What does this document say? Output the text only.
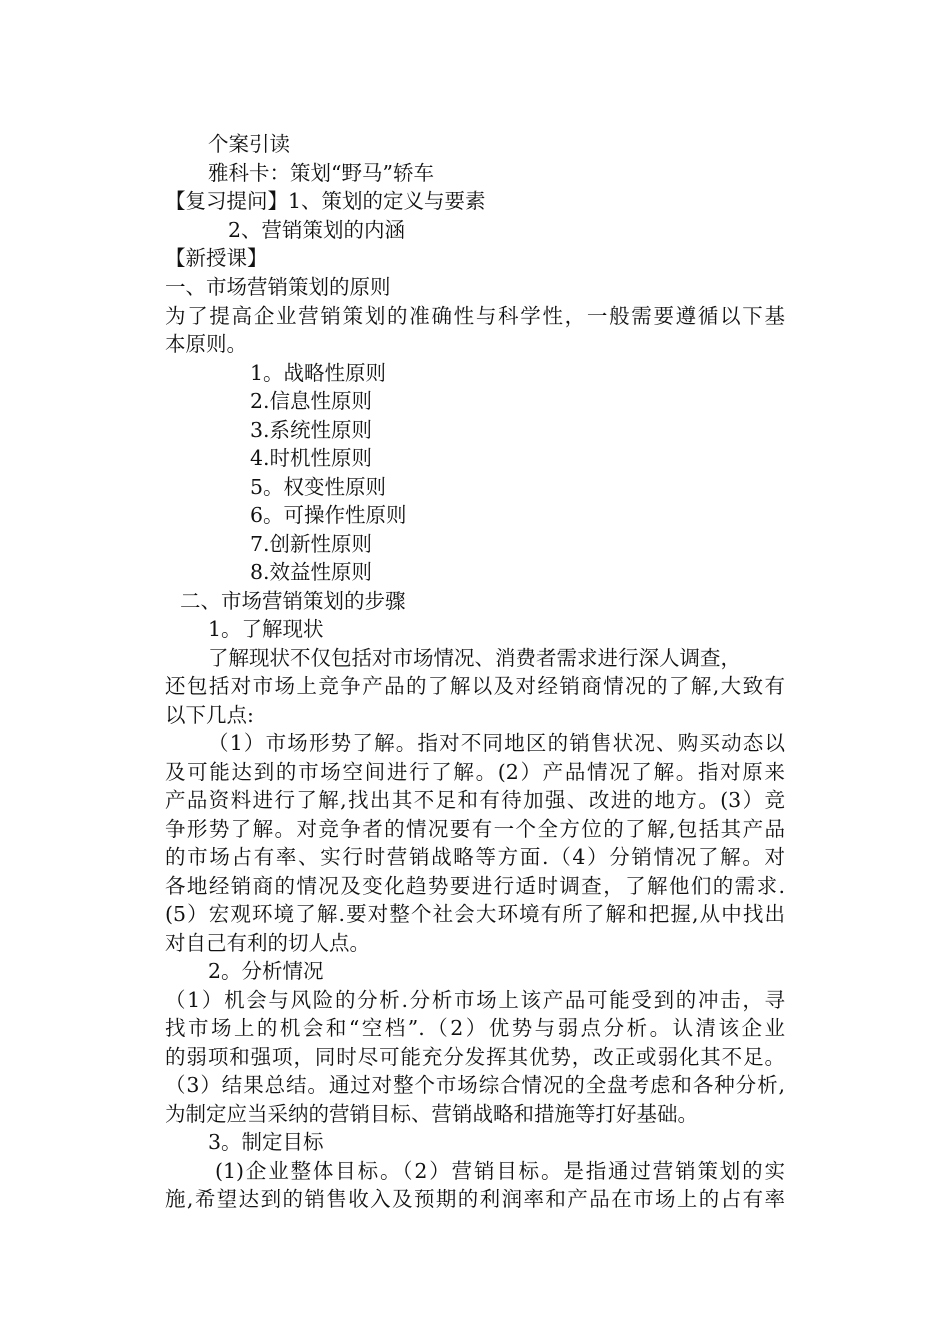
个案引读
雅科卡：策划“野马”轿车
【复习提问】1、策划的定义与要素
2、营销策划的内涵
【新授课】
一、市场营销策划的原则
为了提高企业营销策划的准确性与科学性，一般需要遵循以下基
本原则。
1。战略性原则
2.信息性原则
3.系统性原则
4.时机性原则
5。权变性原则
6。可操作性原则
7.创新性原则
8.效益性原则
二、市场营销策划的步骤
1。了解现状
了解现状不仅包括对市场情况、消费者需求进行深人调查，
还包括对市场上竞争产品的了解以及对经销商情况的了解,大致有
以下几点:
（1）市场形势了解。指对不同地区的销售状况、购买动态以
及可能达到的市场空间进行了解。(2）产品情况了解。指对原来
产品资料进行了解,找出其不足和有待加强、改进的地方。(3）竞
争形势了解。对竞争者的情况要有一个全方位的了解,包括其产品
的市场占有率、实行时营销战略等方面.（4）分销情况了解。对
各地经销商的情况及变化趋势要进行适时调查，了解他们的需求.
(5）宏观环境了解.要对整个社会大环境有所了解和把握,从中找出
对自己有利的切人点。
2。分析情况
（1）机会与风险的分析.分析市场上该产品可能受到的冲击，寻
找市场上的机会和“空档”.（2）优势与弱点分析。认清该企业
的弱项和强项，同时尽可能充分发挥其优势，改正或弱化其不足。
（3）结果总结。通过对整个市场综合情况的全盘考虑和各种分析,
为制定应当采纳的营销目标、营销战略和措施等打好基础。
3。制定目标
(1)企业整体目标。（2）营销目标。是指通过营销策划的实
施,希望达到的销售收入及预期的利润率和产品在市场上的占有率
